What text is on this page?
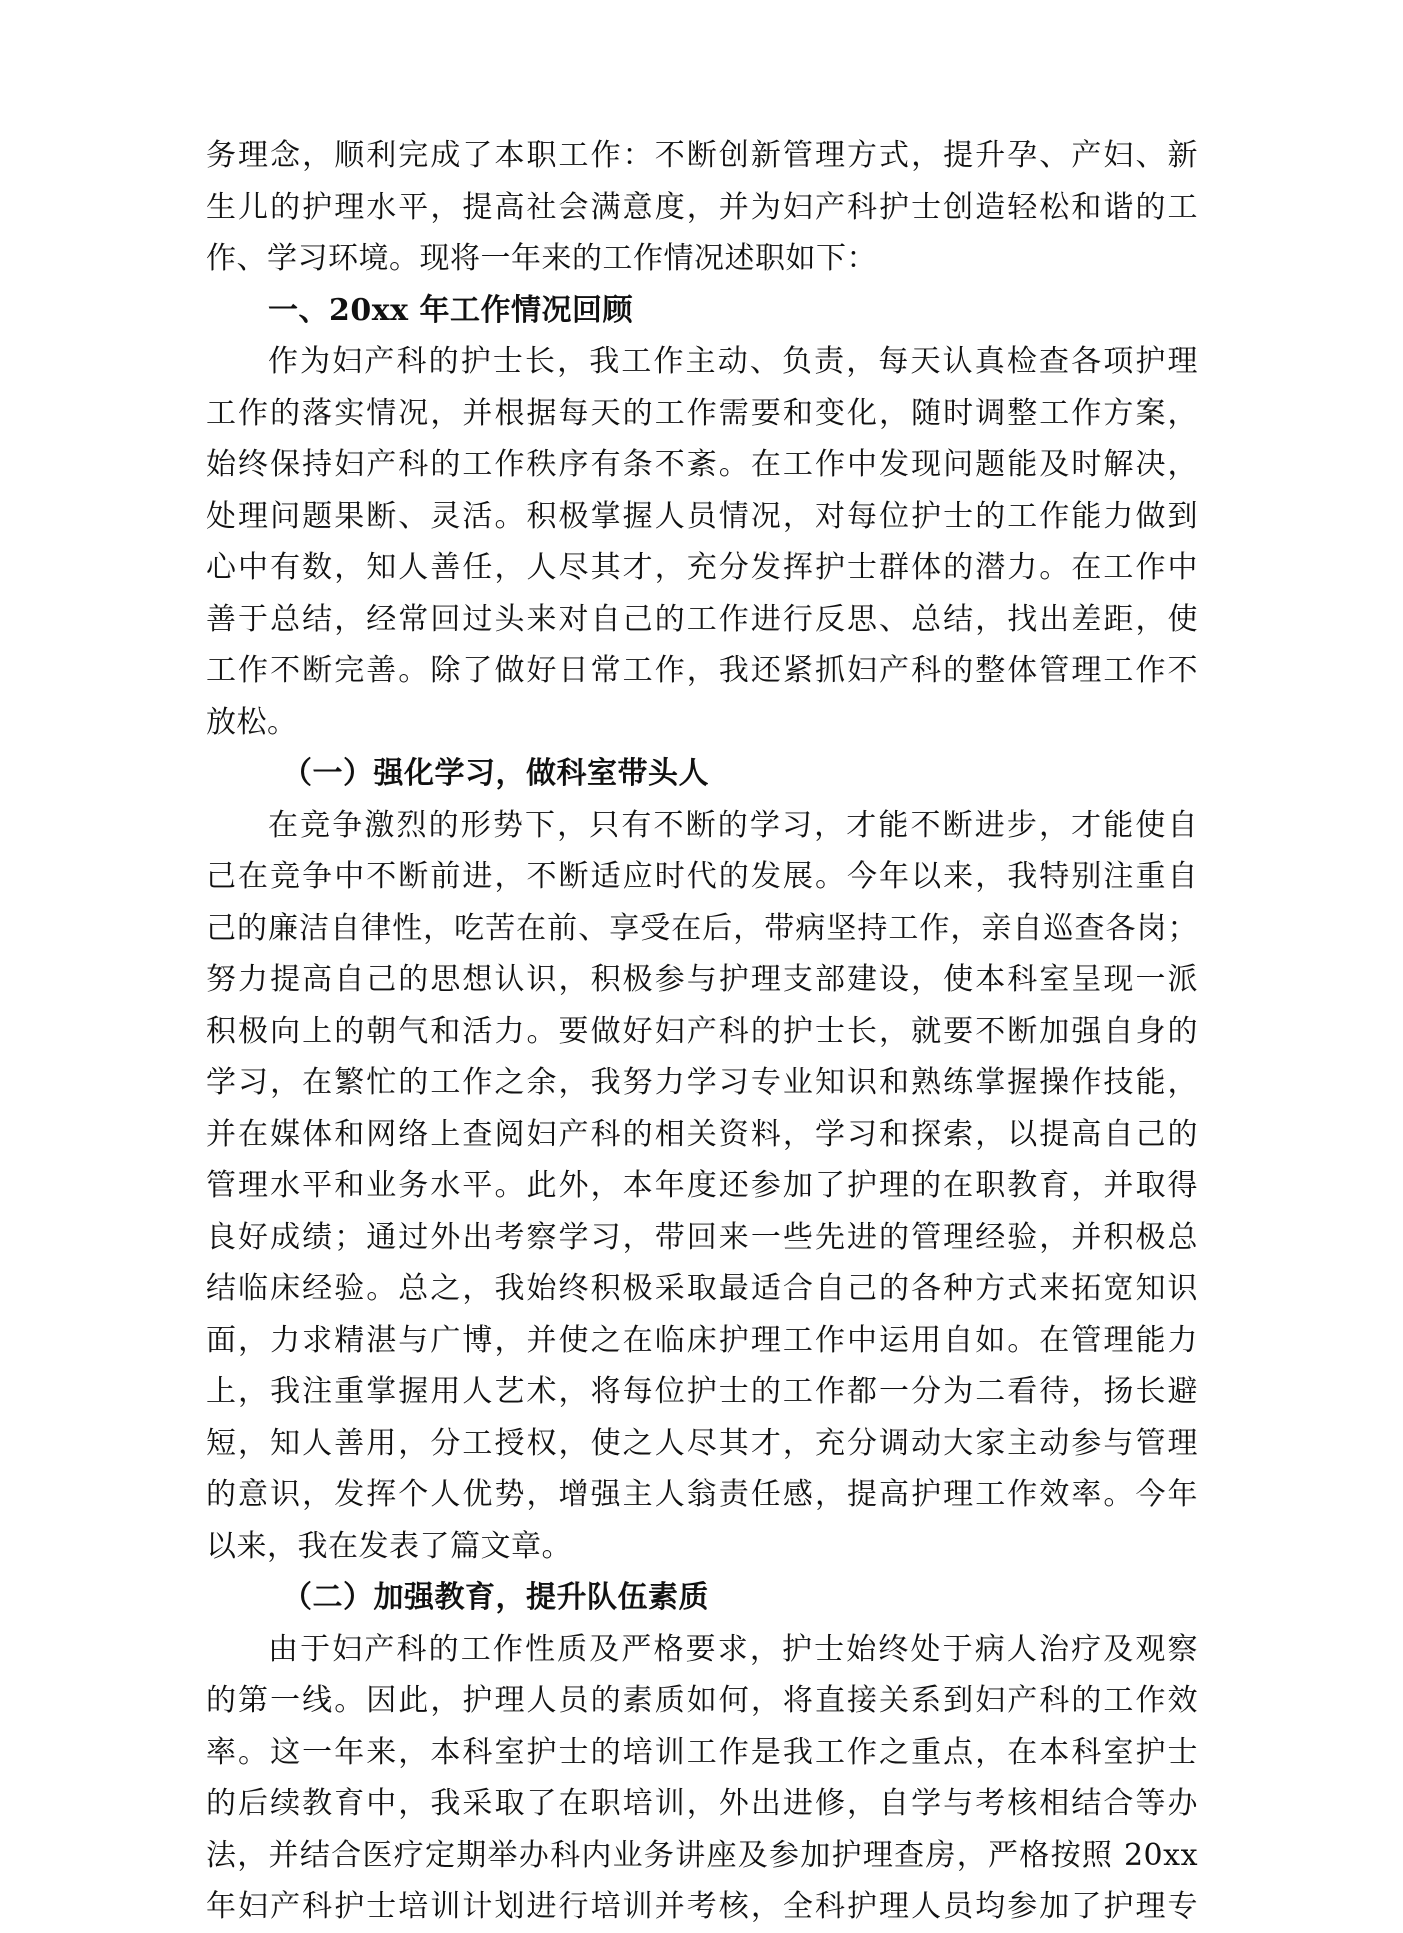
务理念，顺利完成了本职工作：不断创新管理方式，提升孕、产妇、新
生儿的护理水平，提高社会满意度，并为妇产科护士创造轻松和谐的工
作、学习环境。现将一年来的工作情况述职如下：
一、20xx 年工作情况回顾
作为妇产科的护士长，我工作主动、负责，每天认真检查各项护理
工作的落实情况，并根据每天的工作需要和变化，随时调整工作方案，
始终保持妇产科的工作秩序有条不紊。在工作中发现问题能及时解决，
处理问题果断、灵活。积极掌握人员情况，对每位护士的工作能力做到
心中有数，知人善任，人尽其才，充分发挥护士群体的潜力。在工作中
善于总结，经常回过头来对自己的工作进行反思、总结，找出差距，使
工作不断完善。除了做好日常工作，我还紧抓妇产科的整体管理工作不
放松。
（一）强化学习，做科室带头人
在竞争激烈的形势下，只有不断的学习，才能不断进步，才能使自
己在竞争中不断前进，不断适应时代的发展。今年以来，我特别注重自
己的廉洁自律性，吃苦在前、享受在后，带病坚持工作，亲自巡查各岗；
努力提高自己的思想认识，积极参与护理支部建设，使本科室呈现一派
积极向上的朝气和活力。要做好妇产科的护士长，就要不断加强自身的
学习，在繁忙的工作之余，我努力学习专业知识和熟练掌握操作技能，
并在媒体和网络上查阅妇产科的相关资料，学习和探索，以提高自己的
管理水平和业务水平。此外，本年度还参加了护理的在职教育，并取得
良好成绩；通过外出考察学习，带回来一些先进的管理经验，并积极总
结临床经验。总之，我始终积极采取最适合自己的各种方式来拓宽知识
面，力求精湛与广博，并使之在临床护理工作中运用自如。在管理能力
上，我注重掌握用人艺术，将每位护士的工作都一分为二看待，扬长避
短，知人善用，分工授权，使之人尽其才，充分调动大家主动参与管理
的意识，发挥个人优势，增强主人翁责任感，提高护理工作效率。今年
以来，我在发表了篇文章。
（二）加强教育，提升队伍素质
由于妇产科的工作性质及严格要求，护士始终处于病人治疗及观察
的第一线。因此，护理人员的素质如何，将直接关系到妇产科的工作效
率。这一年来，本科室护士的培训工作是我工作之重点，在本科室护士
的后续教育中，我采取了在职培训，外出进修，自学与考核相结合等办
法，并结合医疗定期举办科内业务讲座及参加护理查房，严格按照 20xx
年妇产科护士培训计划进行培训并考核，全科护理人员均参加了护理专
